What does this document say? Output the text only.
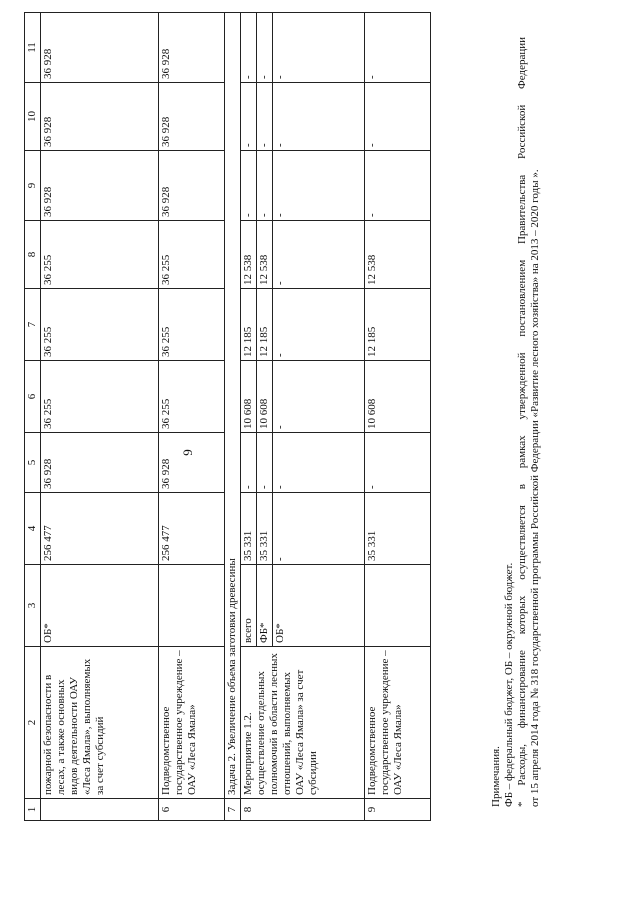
9
1	2	3	4	5	6	7	8	9	10	11
	пожарной безопасности в лесах, а также основных видов деятельности ОАУ «Леса Ямала», выполняемых за счет субсидий	ОБ*	256 477	36 928	36 255	36 255	36 255	36 928	36 928	36 928
6	Подведомственное государственное учреждение – ОАУ «Леса Ямала»		256 477	36 928	36 255	36 255	36 255	36 928	36 928	36 928
7	Задача 2. Увеличение объема заготовки древесины									
8	Мероприятие 1.2. осуществление отдельных полномочий в области лесных отношений, выполняемых ОАУ «Леса Ямала» за счет субсидии	всего	35 331	-	10 608	12 185	12 538	-	-	-
		ФБ*	35 331	-	10 608	12 185	12 538	-	-	-
		ОБ*	-	-	-	-	-	-	-	-
9	Подведомственное государственное учреждение – ОАУ «Леса Ямала»		35 331	-	10 608	12 185	12 538	-	-	-

Примечания. ФБ – федеральный бюджет, ОБ – окружной бюджет. * Расходы, финансирование которых осуществляется в рамках утвержденной постановлением Правительства Российской Федерации от 15 апреля 2014 года № 318 государственной программы Российской Федерации «Развитие лесного хозяйства» на 2013 – 2020 годы ».
